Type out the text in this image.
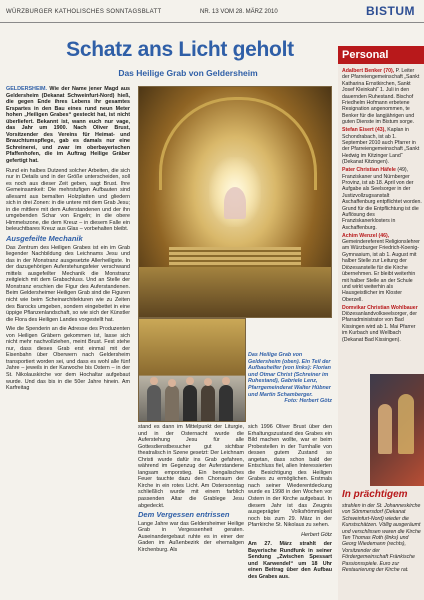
WÜRZBURGER KATHOLISCHES SONNTAGSBLATT	NR. 13 VOM 28. MÄRZ 2010	BISTUM
Schatz ans Licht geholt
Das Heilige Grab von Geldersheim

GELDERSHEIM. Wie der Name jener Magd aus Geldersheim (Dekanat Schweinfurt-Nord) hieß, die gegen Ende ihres Lebens ihr gesamtes Erspartes in den Bau eines rund neun Meter hohen „Heiligen Grabes“ gesteckt hat, ist nicht überliefert. Bekannt ist, wann euch nur vage, das Jahr um 1900. Nach Oliver Brust, Vorsitzender des Vereins für Heimat- und Brauchtumspflege, gab es damals nur eine Schreinerei, und zwar im oberbayerischen Pfaffenhofen, die im Auftrag Heilige Gräber gefertigt hat.

Rund ein halbes Dutzend solcher Arbeiten, die sich nur in Details und in der Größe unterscheiden, soll es noch aus dieser Zeit geben, sagt Brust. Ihre Gemeinsamkeit: Die mehrstufigen Aufbauten sind allesamt aus bemalten Holzplatten und gliedern sich in drei Zonen: in die untere mit dem Grab Jesu; in die mittlere mit dem Auferstandenen und der ihn umgebenden Schar von Engeln; in die obere Himmelszone, die dem Kreuz – in diesem Falle ein beleuchtbares Kreuz aus Glas – vorbehalten bleibt.

Ausgefeilte Mechanik

Das Zentrum des Heiligen Grabes ist ein im Grab liegender Nachbildung des Leichnams Jesu und das in der Monstranz ausgesetzte Allerheiligste. In der dazugehörigen Auferstehungsfeier verschwand mittels ausgefeilter Mechanik die Monstranz zeitgleich mit dem Grabschluss. Und an Stelle der Monstranz erschien die Figur des Auferstandenen. Beim Geldersheimer Heiligen Grab sind die Figuren nicht wie beim Scheinarchitekturen wie zu Zeiten des Barocks umgeben, sondern eingebettet in eine üppige Pflanzenlandschaft, so wie sich der Künstler die Flora des Heiligen Landes vorgestellt hat.

Wie die Spenderin an die Adresse des Produzenten von Heiligen Gräbern gekommen ist, lasse sich nicht mehr nachvollziehen, meint Brust. Fest stehe nur, dass dieses Grab erst einmal mit der Eisenbahn über Oberwern nach Geldersheim transportiert worden sei, und dass es wohl alle fünf Jahre – jeweils in der Karwoche bis Ostern – in der St. Nikolauskirche vor dem Hochaltar aufgebaut wurde. Und das bis in die 50er Jahre hinein. Am Karfreitag

Das Heilige Grab von Geldersheim (oben). Ein Teil der Aufbauhelfer (von links): Florian und Otmar Christ (Schreiner im Ruhestand), Gabriele Lenz, Pfarrgemeinderat Walter Hübner und Martin Schamberger.
Foto: Herbert Götz

stand es dann im Mittelpunkt der Liturgie, und in der Osternacht wurde die Auferstehung Jesu für alle Gottesdienstbesucher gut sichtbar theatralisch in Szene gesetzt: Der Leichnam Christi wurde dafür ins Grab gefahren, während im Gegenzug der Auferstandene langsam emporstieg. Ein bengalisches Feuer tauchte dazu den Chorraum der Kirche in ein rotes Licht. Am Ostersonntag schließlich wurde mit einem farblich passenden Altar die Grablege Jesu abgedeckt.

Dem Vergessen entrissen

Lange Jahre war das Geldersheimer Heilige Grab in Vergessenheit geraten. Auseinandergebaut ruhte es in einer der Gaden im Außenbezirk der ehemaligen Kirchenburg. Als

sich 1996 Oliver Brust über den Erhaltungszustand des Grabes ein Bild machen wollte, war er beim Probestellen in der Turnhalle von dessen gutem Zustand so angetan, dass schon bald der Entschluss fiel, allen Interessierten die Besichtigung des Heiligen Grabes zu ermöglichen. Erstmals nach seiner Wiederentdeckung wurde es 1998 in den Wochen vor Ostern in der Kirche aufgebaut. In diesem Jahr ist das Zeugnis ausgeprägter Volksfrömmigkeit noch bis zum 29. März in der Pfarrkirche St. Nikolaus zu sehen.

Herbert Götz

Am 27. März strahlt der Bayerische Rundfunk in seiner Sendung „Zwischen Spessart und Karwendel“ um 18 Uhr einen Beitrag über den Aufbau des Grabes aus.

Personal

Adalbert Benker (70), P. Leiter der Pfarreiengemeinschaft „Sankt Katharina Ernstkirchen, Sankt Josef Kleinkahl“ 1. Juli in den dauernden Ruhestand. Bischof Friedhelm Hofmann erbetene Resignation angenommen, te Benker für die langjährigen und guten Dienste im Bistum sorge.

Stefan Eisert (43), Kaplan in Schondrabach, ist ab 1. September 2010 auch Pfarrer in der Pfarreiengemeinschaft „Sankt Hedwig im Kitzinger Land“ (Dekanat Kitzingen).

Pater Christian Häfele (49), Franziskaner und Nürnberger Provinz, ist ab 18. April von der Aufgabe als Seelsorger in der Justizvollzugsanstalt Aschaffenburg entpflichtet worden. Grund für die Entpflichtung ist die Auflösung des Franziskanerklosters in Aschaffenburg.

Achim Wenzel (46), Gemeindereferent Religionslehrer am Würzburger Friedrich-Koenig-Gymnasium, ist ab 1. August mit halber Stelle zur Leitung der Diözesanstelle für die Kirche übernehmen. Er bleibt weiterhin mit halber Stelle an der Schule und wirkt weiterhin als Hausgeistlicher im Kloster Oberzell.

Domvikar Christian Wohlbauer Diözesanlandvolkseelsorger, der Pfarradministrator von Bad Kissingen wird ab 1. Mai Pfarrer im Kurbach und Wellbach (Dekanat Bad Kissingen).

In prächtigem

strahlen in der St. Johanneskirche von Sömmersdorf (Dekanat Schweinfurt-Nord) wieder die Kunstschätzen. Völlig ausgeräumt und verschlissen waren die Kirche Ten Thomas Roth (links) und Georg Wiedemann (rechts), Vorsitzender der Fördergemeinschaft Fränkische Passionsspiele. Euro zur Restaurierung der Kirche rat.
